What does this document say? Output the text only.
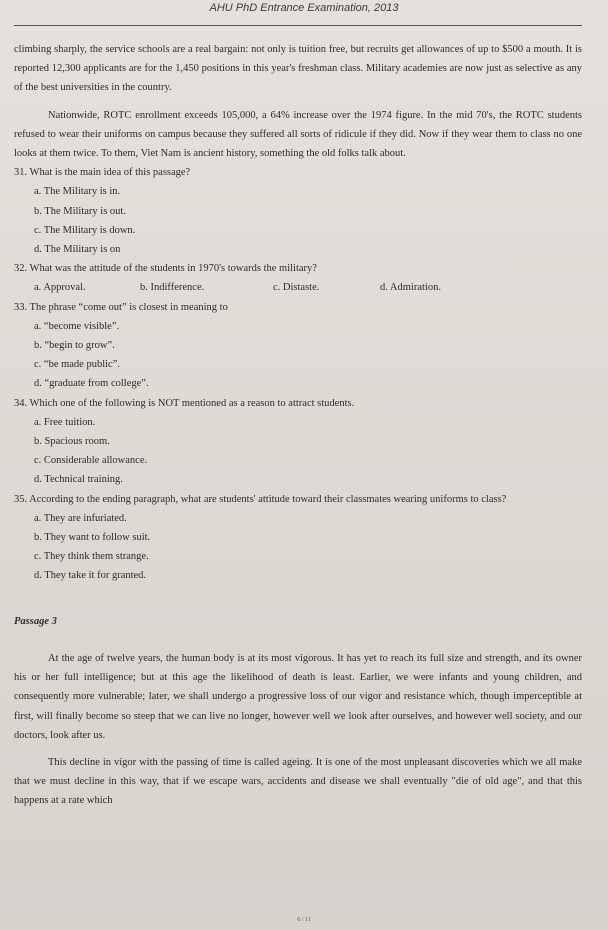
AHU PhD Entrance Examination, 2013

climbing sharply, the service schools are a real bargain: not only is tuition free, but recruits get allowances of up to $500 a mouth. It is reported 12,300 applicants are for the 1,450 positions in this year's freshman class. Military academies are now just as selective as any of the best universities in the country.

Nationwide, ROTC enrollment exceeds 105,000, a 64% increase over the 1974 figure. In the mid 70's, the ROTC students refused to wear their uniforms on campus because they suffered all sorts of ridicule if they did. Now if they wear them to class no one looks at them twice. To them, Viet Nam is ancient history, something the old folks talk about.

31. What is the main idea of this passage?

a. The Military is in.

b. The Military is out.

c. The Military is down.

d. The Military is on

32. What was the attitude of the students in 1970's towards the military?

a. Approval.	b. Indifference.	c. Distaste.	d. Admiration.

33. The phrase “come out” is closest in meaning to

a. “become visible”.

b. “begin to grow”.

c. “be made public”.

d. “graduate from college”.

34. Which one of the following is NOT mentioned as a reason to attract students.

a. Free tuition.

b. Spacious room.

c. Considerable allowance.

d. Technical training.

35. According to the ending paragraph, what are students' attitude toward their classmates wearing uniforms to class?

a. They are infuriated.

b. They want to follow suit.

c. They think them strange.

d. They take it for granted.

Passage 3

At the age of twelve years, the human body is at its most vigorous. It has yet to reach its full size and strength, and its owner his or her full intelligence; but at this age the likelihood of death is least. Earlier, we were infants and young children, and consequently more vulnerable; later, we shall undergo a progressive loss of our vigor and resistance which, though imperceptible at first, will finally become so steep that we can live no longer, however well we look after ourselves, and however well society, and our doctors, look after us.

This decline in vigor with the passing of time is called ageing. It is one of the most unpleasant discoveries which we all make that we must decline in this way, that if we escape wars, accidents and disease we shall eventually "die of old age", and that this happens at a rate which

6 / 11
